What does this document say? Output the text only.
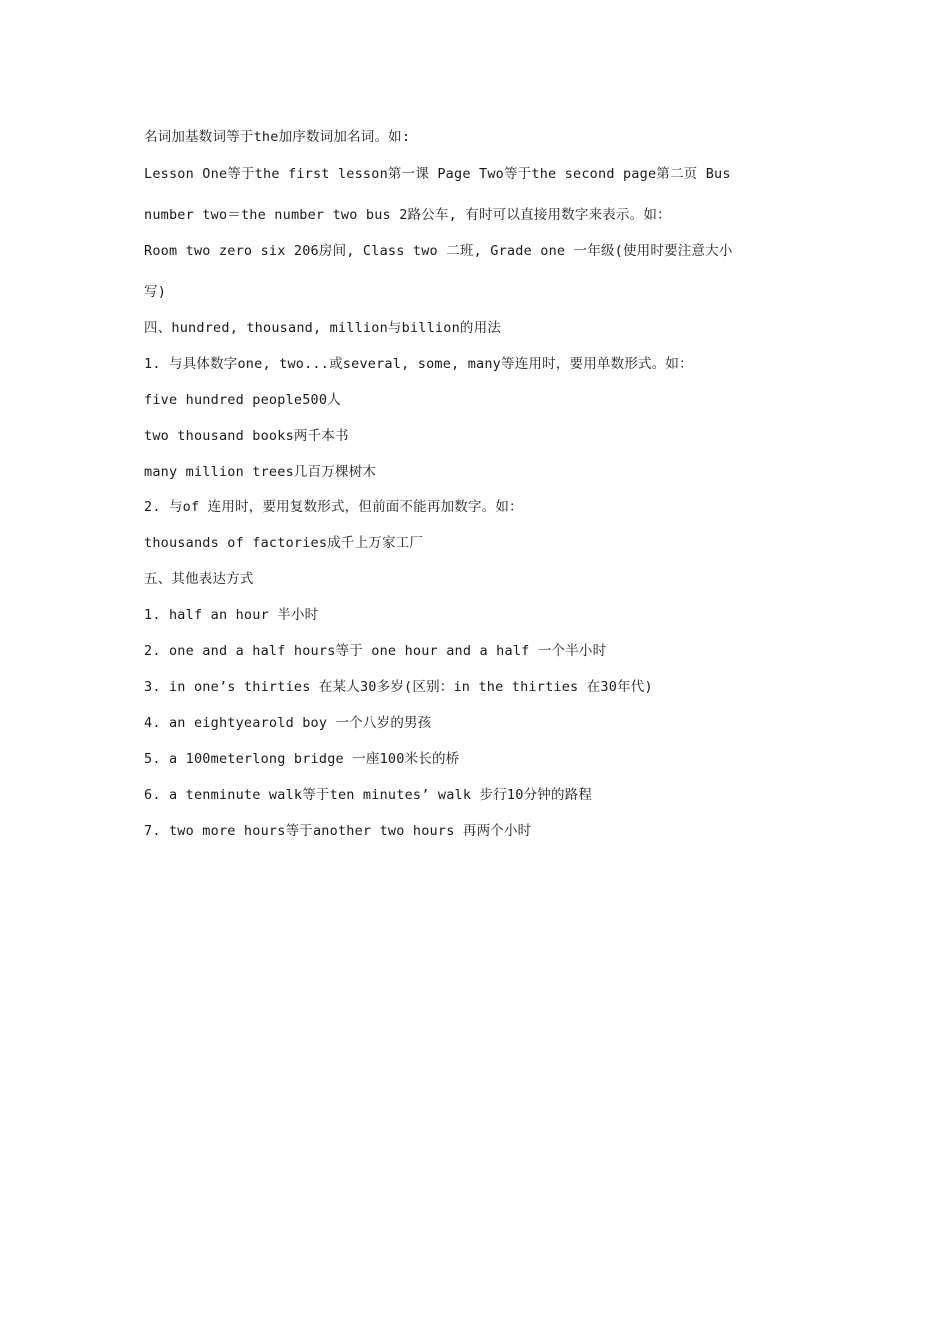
名词加基数词等于the加序数词加名词。如:
Lesson One等于the first lesson第一课 Page Two等于the second page第二页 Bus
number two＝the number two bus 2路公车, 有时可以直接用数字来表示。如：
Room two zero six 206房间, Class two 二班, Grade one 一年级(使用时要注意大小
写)
四、hundred, thousand, million与billion的用法
1. 与具体数字one, two...或several, some, many等连用时，要用单数形式。如：
five hundred people500人
two thousand books两千本书
many million trees几百万棵树木
2. 与of 连用时，要用复数形式，但前面不能再加数字。如：
thousands of factories成千上万家工厂
五、其他表达方式
1. half an hour 半小时
2. one and a half hours等于 one hour and a half 一个半小时
3. in one’s thirties 在某人30多岁(区别：in the thirties 在30年代)
4. an eightyearold boy 一个八岁的男孩
5. a 100meterlong bridge 一座100米长的桥
6. a tenminute walk等于ten minutes’ walk 步行10分钟的路程
7. two more hours等于another two hours 再两个小时
